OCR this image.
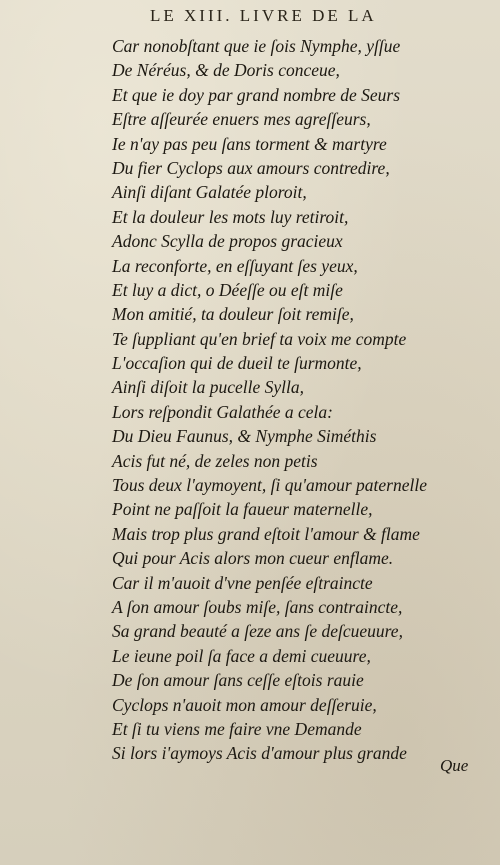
LE XIII. LIVRE DE LA
Car nonobſtant que ie ſois Nymphe, yſſue
De Néréus, & de Doris conceue,
Et que ie doy par grand nombre de Seurs
Eſtre aſſeurée enuers mes agreſſeurs,
Ie n'ay pas peu ſans torment & martyre
Du fier Cyclops aux amours contredire,
Ainſi diſant Galatée ploroit,
Et la douleur les mots luy retiroit,
Adonc Scylla de propos gracieux
La reconforte, en eſſuyant ſes yeux,
Et luy a dict, o Déeſſe ou eſt miſe
Mon amitié, ta douleur ſoit remiſe,
Te ſuppliant qu'en brief ta voix me compte
L'occaſion qui de dueil te ſurmonte,
Ainſi diſoit la pucelle Sylla,
Lors reſpondit Galathée a cela:
Du Dieu Faunus, & Nymphe Siméthis
Acis fut né, de zeles non petis
Tous deux l'aymoyent, ſi qu'amour paternelle
Point ne paſſoit la faueur maternelle,
Mais trop plus grand eſtoit l'amour & flame
Qui pour Acis alors mon cueur enflame.
Car il m'auoit d'vne penſée eſtraincte
A ſon amour ſoubs miſe, ſans contraincte,
Sa grand beauté a ſeze ans ſe deſcueuure,
Le ieune poil ſa face a demi cueuure,
De ſon amour ſans ceſſe eſtois rauie
Cyclops n'auoit mon amour deſſeruie,
Et ſi tu viens me faire vne Demande
Si lors i'aymoys Acis d'amour plus grande
Que
